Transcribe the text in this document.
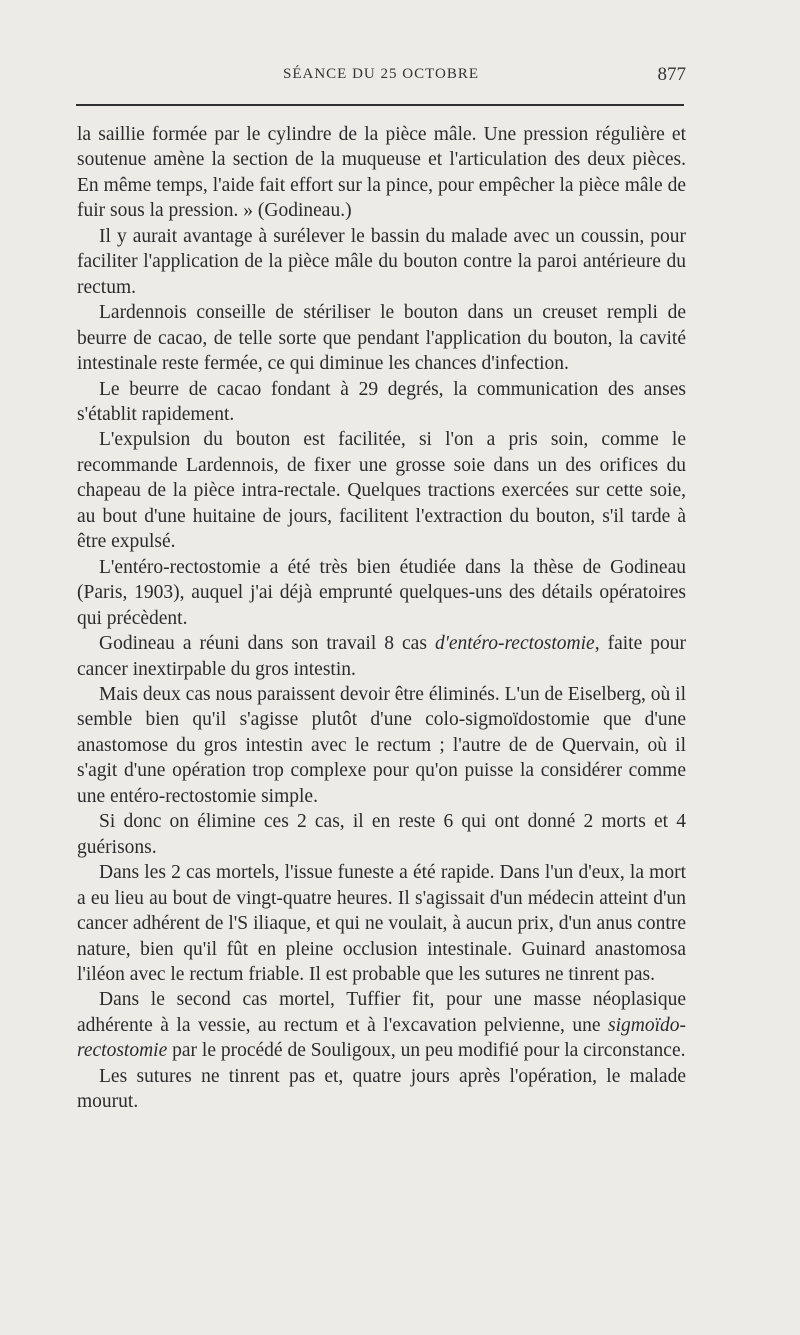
SÉANCE DU 25 OCTOBRE	877

la saillie formée par le cylindre de la pièce mâle. Une pression régulière et soutenue amène la section de la muqueuse et l'articulation des deux pièces. En même temps, l'aide fait effort sur la pince, pour empêcher la pièce mâle de fuir sous la pression. » (Godineau.)

Il y aurait avantage à surélever le bassin du malade avec un coussin, pour faciliter l'application de la pièce mâle du bouton contre la paroi antérieure du rectum.

Lardennois conseille de stériliser le bouton dans un creuset rempli de beurre de cacao, de telle sorte que pendant l'application du bouton, la cavité intestinale reste fermée, ce qui diminue les chances d'infection.

Le beurre de cacao fondant à 29 degrés, la communication des anses s'établit rapidement.

L'expulsion du bouton est facilitée, si l'on a pris soin, comme le recommande Lardennois, de fixer une grosse soie dans un des orifices du chapeau de la pièce intra-rectale. Quelques tractions exercées sur cette soie, au bout d'une huitaine de jours, facilitent l'extraction du bouton, s'il tarde à être expulsé.

L'entéro-rectostomie a été très bien étudiée dans la thèse de Godineau (Paris, 1903), auquel j'ai déjà emprunté quelques-uns des détails opératoires qui précèdent.

Godineau a réuni dans son travail 8 cas d'entéro-rectostomie, faite pour cancer inextirpable du gros intestin.

Mais deux cas nous paraissent devoir être éliminés. L'un de Eiselberg, où il semble bien qu'il s'agisse plutôt d'une colo-sigmoïdostomie que d'une anastomose du gros intestin avec le rectum ; l'autre de de Quervain, où il s'agit d'une opération trop complexe pour qu'on puisse la considérer comme une entéro-rectostomie simple.

Si donc on élimine ces 2 cas, il en reste 6 qui ont donné 2 morts et 4 guérisons.

Dans les 2 cas mortels, l'issue funeste a été rapide. Dans l'un d'eux, la mort a eu lieu au bout de vingt-quatre heures. Il s'agissait d'un médecin atteint d'un cancer adhérent de l'S iliaque, et qui ne voulait, à aucun prix, d'un anus contre nature, bien qu'il fût en pleine occlusion intestinale. Guinard anastomosa l'iléon avec le rectum friable. Il est probable que les sutures ne tinrent pas.

Dans le second cas mortel, Tuffier fit, pour une masse néoplasique adhérente à la vessie, au rectum et à l'excavation pelvienne, une sigmoïdo-rectostomie par le procédé de Souligoux, un peu modifié pour la circonstance.

Les sutures ne tinrent pas et, quatre jours après l'opération, le malade mourut.
